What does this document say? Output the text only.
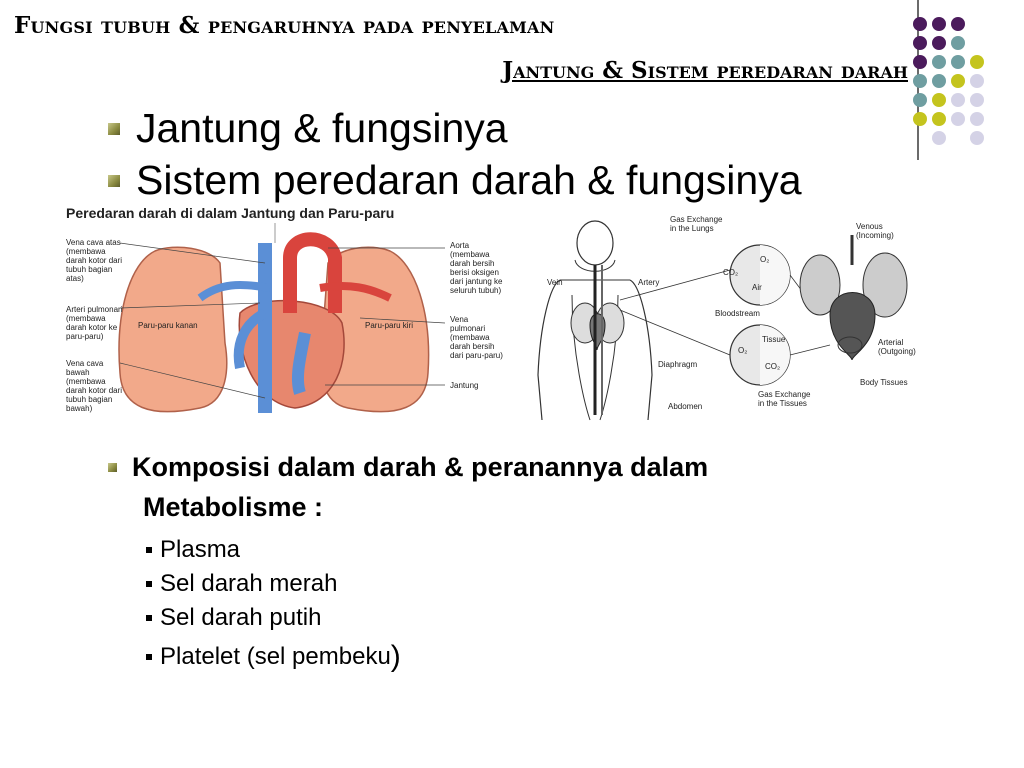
Fungsi tubuh & pengaruhnya pada penyelaman
Jantung & Sistem peredaran darah
Jantung & fungsinya
Sistem peredaran darah & fungsinya
Peredaran darah di dalam Jantung dan Paru-paru
Vena cava atas
(membawa
darah kotor dari
tubuh bagian
atas)
Arteri pulmonari
(membawa
darah kotor ke
paru-paru)
Vena cava
bawah
(membawa
darah kotor dari
tubuh bagian
bawah)
Aorta
(membawa
darah bersih
berisi oksigen
dari jantung ke
seluruh tubuh)
Vena
pulmonari
(membawa
darah bersih
dari paru-paru)
Jantung
Paru-paru kanan	Paru-paru kiri
Gas Exchange
in the Lungs
Vein	Artery
O₂
CO₂
Air
Bloodstream
Tissue
O₂
CO₂
Diaphragm
Abdomen
Gas Exchange
in the Tissues
Venous
(Incoming)
Arterial
(Outgoing)
Body Tissues
Komposisi dalam darah & peranannya dalam
Metabolisme :
Plasma
Sel darah merah
Sel darah putih
Platelet (sel pembeku )
